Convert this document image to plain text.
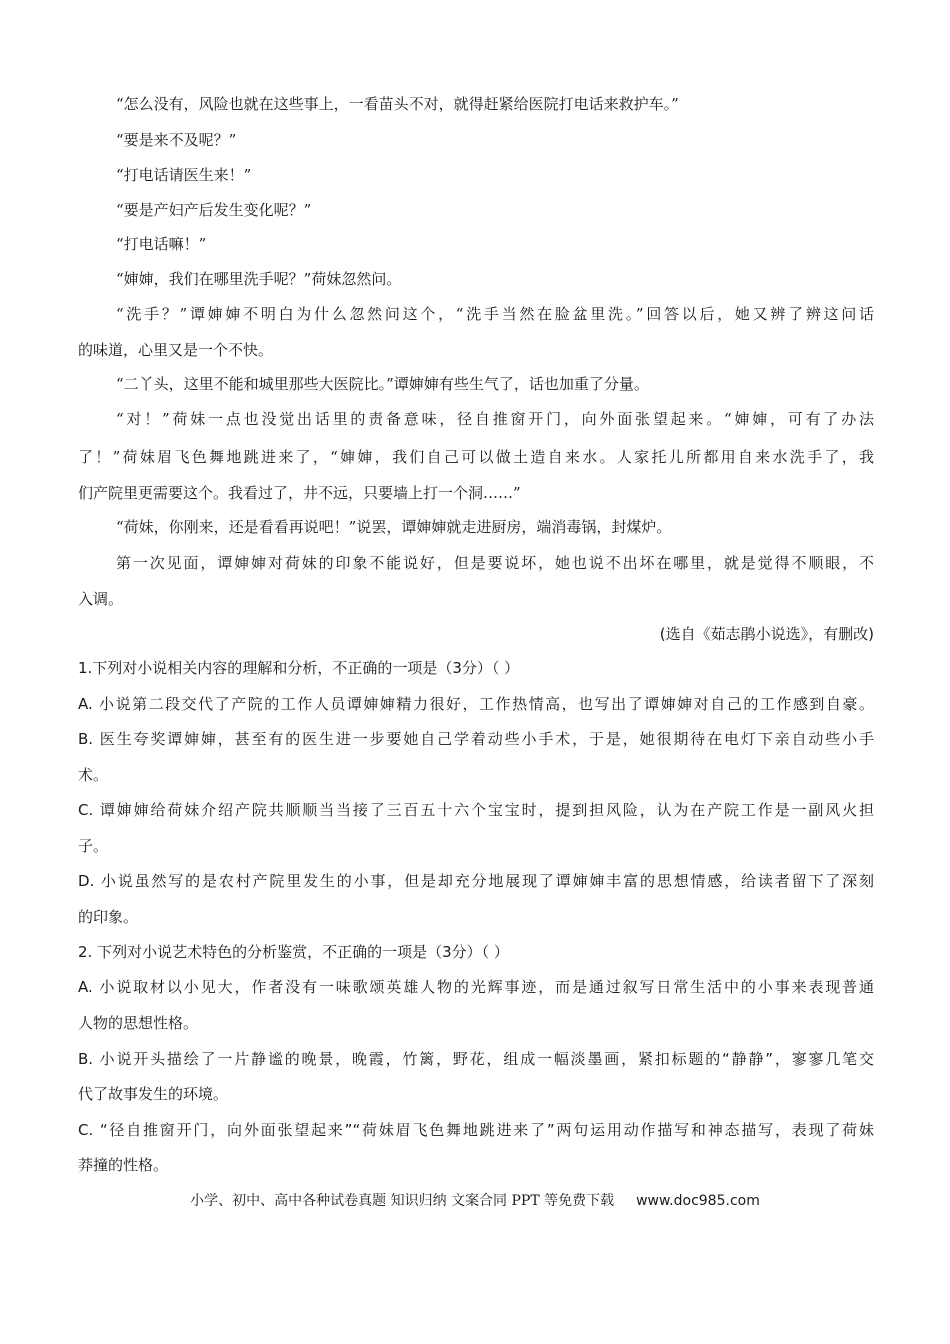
“怎么没有，风险也就在这些事上，一看苗头不对，就得赶紧给医院打电话来救护车。”
“要是来不及呢？”
“打电话请医生来！”
“要是产妇产后发生变化呢？”
“打电话嘛！”
“婶婶，我们在哪里洗手呢？”荷妹忽然问。
“洗手？”谭婶婶不明白为什么忽然问这个，“洗手当然在脸盆里洗。”回答以后，她又辨了辨这问话
的味道，心里又是一个不快。
“二丫头，这里不能和城里那些大医院比。”谭婶婶有些生气了，话也加重了分量。
“对！”荷妹一点也没觉出话里的责备意味，径自推窗开门，向外面张望起来。“婶婶，可有了办法
了！”荷妹眉飞色舞地跳进来了，“婶婶，我们自己可以做土造自来水。人家托儿所都用自来水洗手了，我
们产院里更需要这个。我看过了，井不远，只要墙上打一个洞……”
“荷妹，你刚来，还是看看再说吧！”说罢，谭婶婶就走进厨房，端消毒锅，封煤炉。
第一次见面，谭婶婶对荷妹的印象不能说好，但是要说坏，她也说不出坏在哪里，就是觉得不顺眼，不
入调。
(选自《茹志鹃小说选》，有删改)
1.下列对小说相关内容的理解和分析，不正确的一项是（3分）（ ）
A. 小说第二段交代了产院的工作人员谭婶婶精力很好，工作热情高，也写出了谭婶婶对自己的工作感到自豪。
B. 医生夸奖谭婶婶，甚至有的医生进一步要她自己学着动些小手术，于是，她很期待在电灯下亲自动些小手
术。
C. 谭婶婶给荷妹介绍产院共顺顺当当接了三百五十六个宝宝时，提到担风险，认为在产院工作是一副风火担
子。
D. 小说虽然写的是农村产院里发生的小事，但是却充分地展现了谭婶婶丰富的思想情感，给读者留下了深刻
的印象。
2. 下列对小说艺术特色的分析鉴赏，不正确的一项是（3分）（ ）
A. 小说取材以小见大，作者没有一味歌颂英雄人物的光辉事迹，而是通过叙写日常生活中的小事来表现普通
人物的思想性格。
B. 小说开头描绘了一片静谧的晚景，晚霞，竹篱，野花，组成一幅淡墨画，紧扣标题的“静静”，寥寥几笔交
代了故事发生的环境。
C. “径自推窗开门，向外面张望起来”“荷妹眉飞色舞地跳进来了”两句运用动作描写和神态描写，表现了荷妹
莽撞的性格。
小学、初中、高中各种试卷真题 知识归纳 文案合同 PPT 等免费下载 www.doc985.com
